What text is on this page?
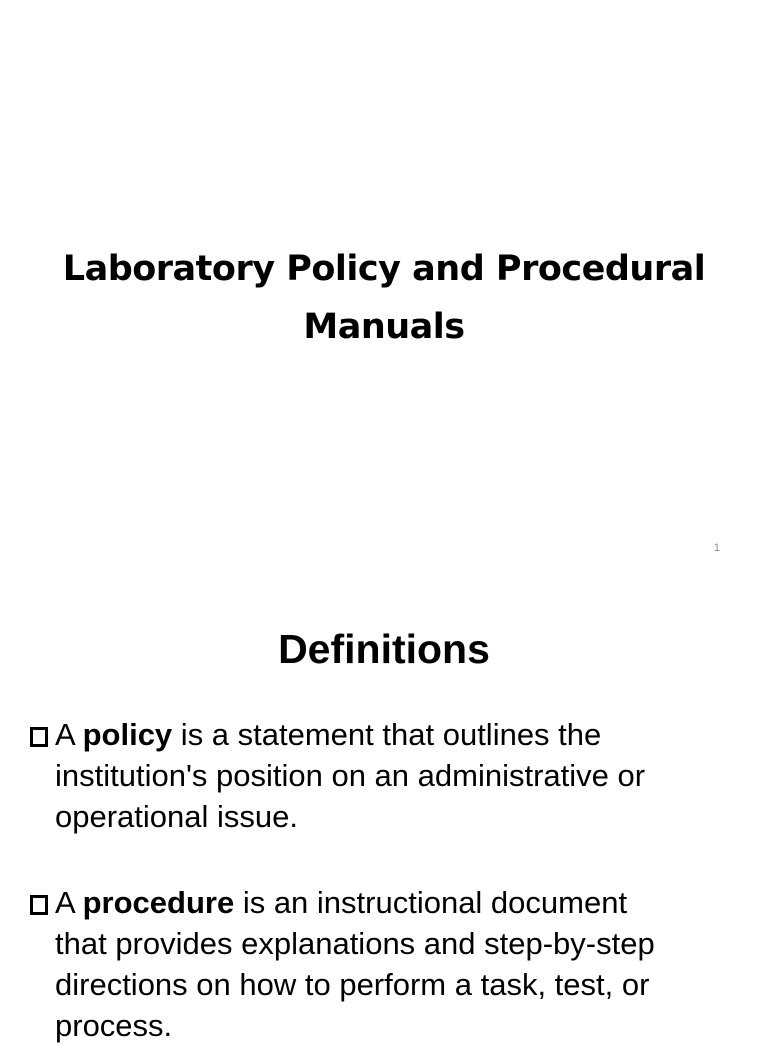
Laboratory Policy and Procedural
Manuals
1
Definitions
A policy is a statement that outlines the
institution's position on an administrative or
operational issue.
A procedure is an instructional document
that provides explanations and step-by-step
directions on how to perform a task, test, or
process.
